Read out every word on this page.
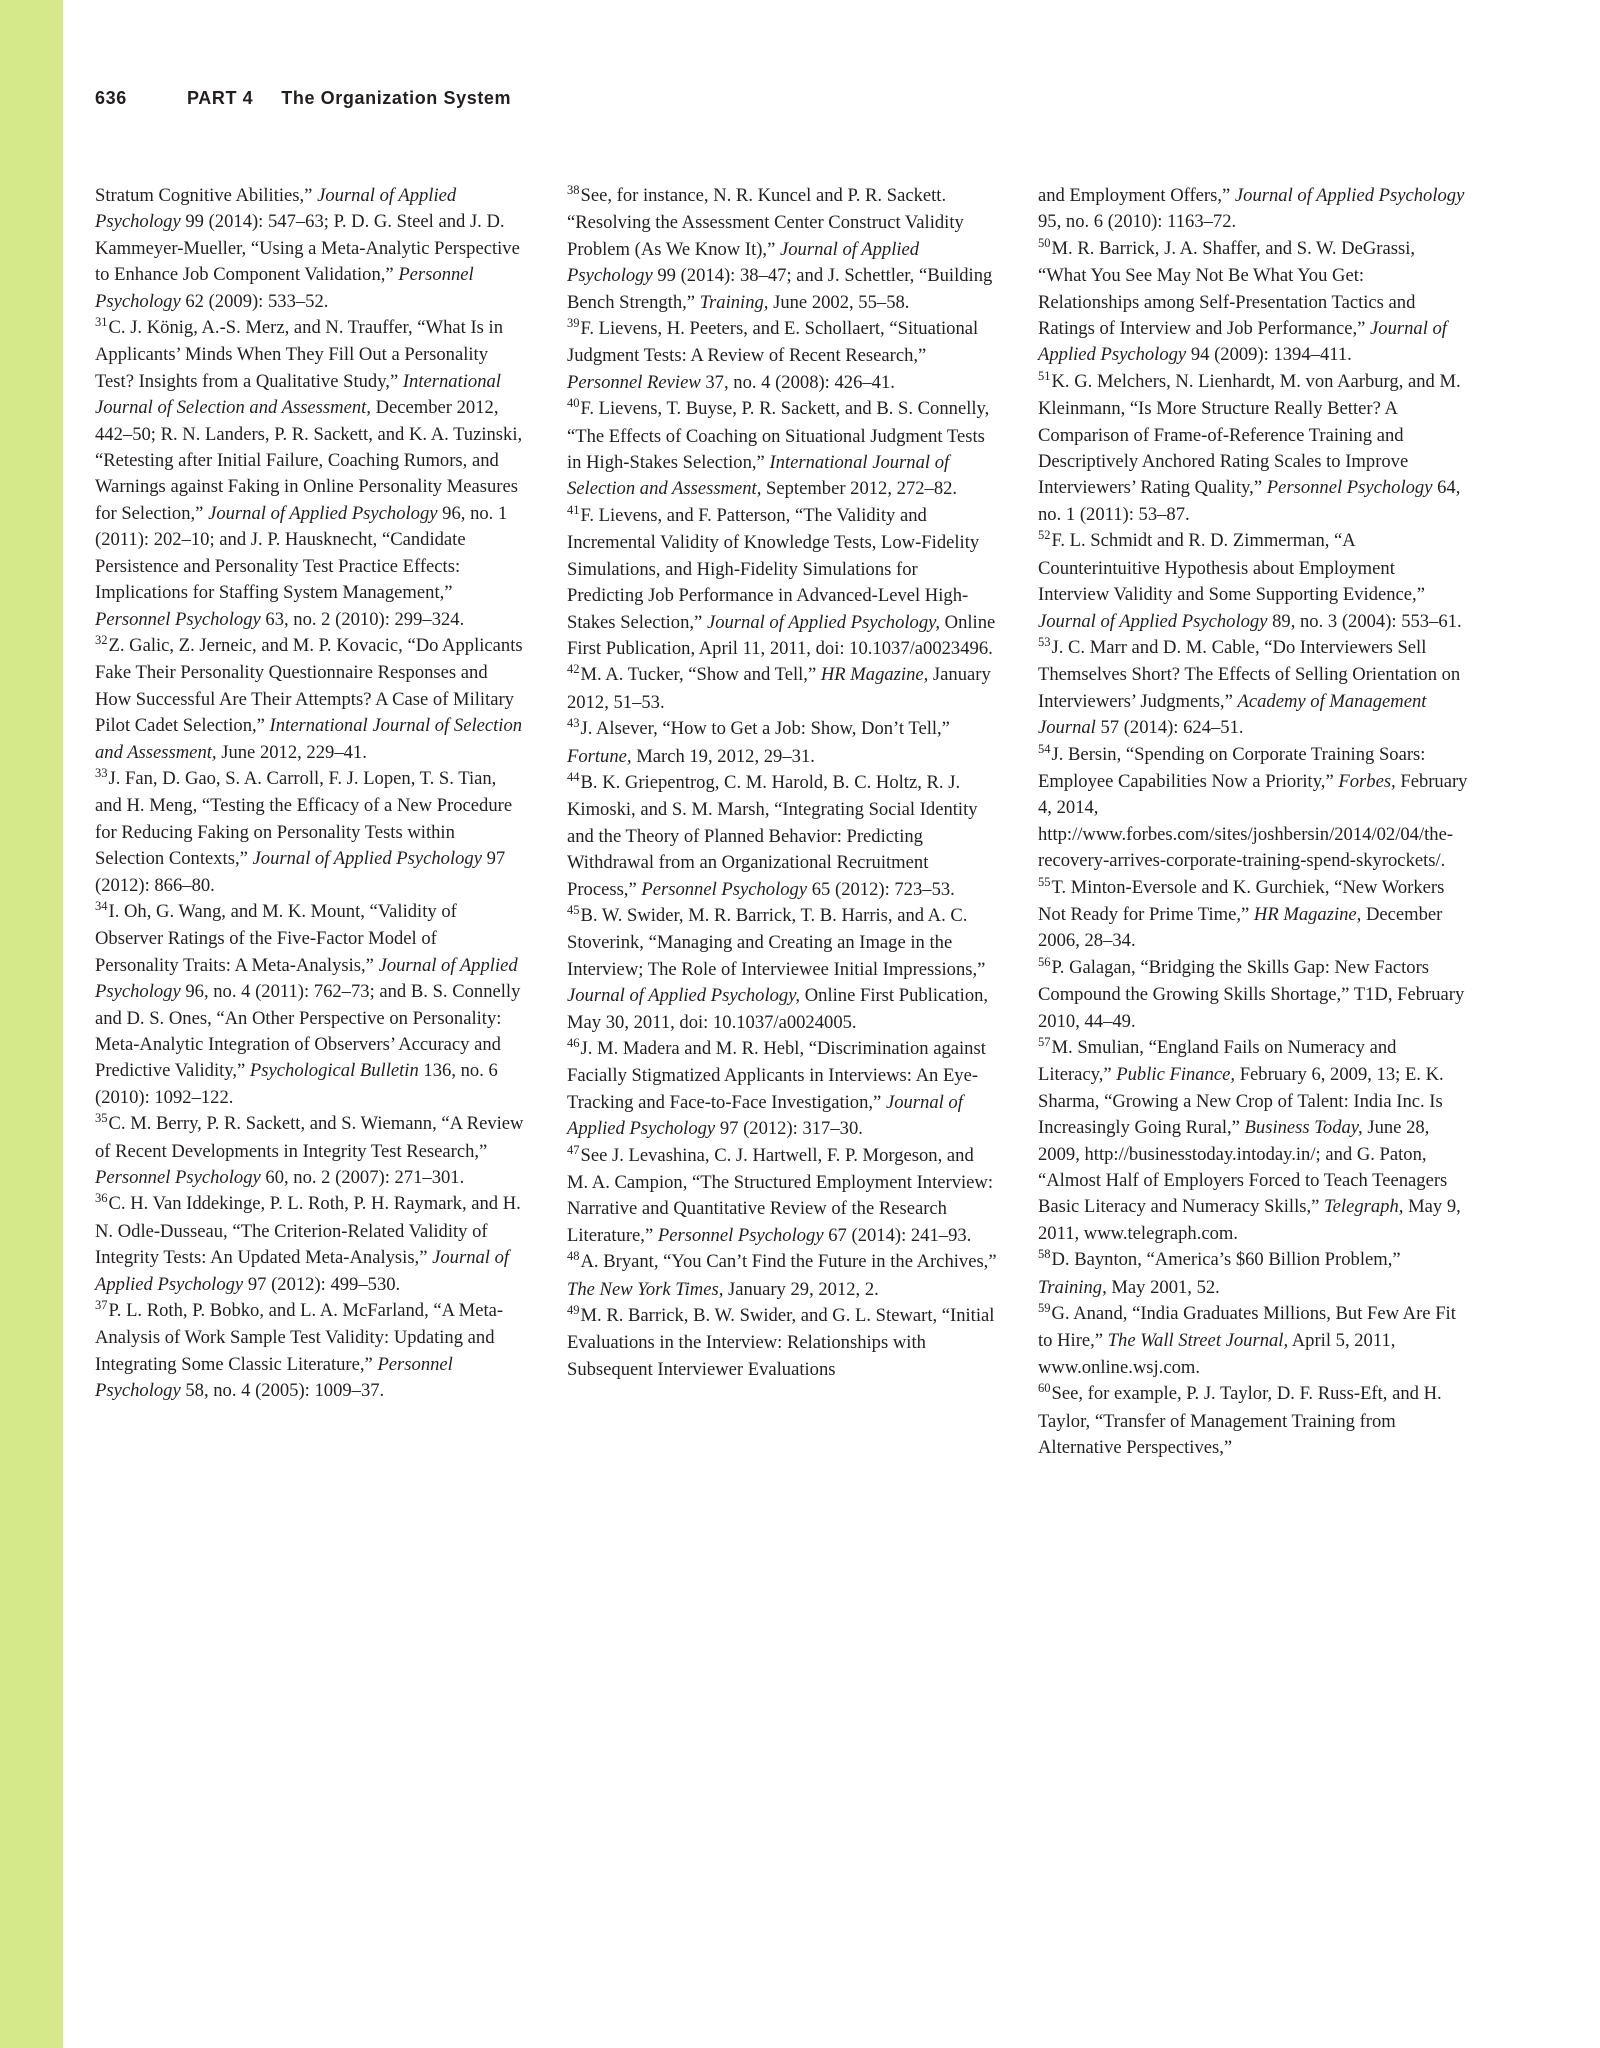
636	PART 4 The Organization System

Stratum Cognitive Abilities,” Journal of Applied Psychology 99 (2014): 547–63; P. D. G. Steel and J. D. Kammeyer-Mueller, “Using a Meta-Analytic Perspective to Enhance Job Component Validation,” Personnel Psychology 62 (2009): 533–52.

$^{31}$C. J. König, A.-S. Merz, and N. Trauffer, “What Is in Applicants’ Minds When They Fill Out a Personality Test? Insights from a Qualitative Study,” International Journal of Selection and Assessment, December 2012, 442–50; R. N. Landers, P. R. Sackett, and K. A. Tuzinski, “Retesting after Initial Failure, Coaching Rumors, and Warnings against Faking in Online Personality Measures for Selection,” Journal of Applied Psychology 96, no. 1 (2011): 202–10; and J. P. Hausknecht, “Candidate Persistence and Personality Test Practice Effects: Implications for Staffing System Management,” Personnel Psychology 63, no. 2 (2010): 299–324.

$^{32}$Z. Galic, Z. Jerneic, and M. P. Kovacic, “Do Applicants Fake Their Personality Questionnaire Responses and How Successful Are Their Attempts? A Case of Military Pilot Cadet Selection,” International Journal of Selection and Assessment, June 2012, 229–41.

$^{33}$J. Fan, D. Gao, S. A. Carroll, F. J. Lopen, T. S. Tian, and H. Meng, “Testing the Efficacy of a New Procedure for Reducing Faking on Personality Tests within Selection Contexts,” Journal of Applied Psychology 97 (2012): 866–80.

$^{34}$I. Oh, G. Wang, and M. K. Mount, “Validity of Observer Ratings of the Five-Factor Model of Personality Traits: A Meta-Analysis,” Journal of Applied Psychology 96, no. 4 (2011): 762–73; and B. S. Connelly and D. S. Ones, “An Other Perspective on Personality: Meta-Analytic Integration of Observers’ Accuracy and Predictive Validity,” Psychological Bulletin 136, no. 6 (2010): 1092–122.

$^{35}$C. M. Berry, P. R. Sackett, and S. Wiemann, “A Review of Recent Developments in Integrity Test Research,” Personnel Psychology 60, no. 2 (2007): 271–301.

$^{36}$C. H. Van Iddekinge, P. L. Roth, P. H. Raymark, and H. N. Odle-Dusseau, “The Criterion-Related Validity of Integrity Tests: An Updated Meta-Analysis,” Journal of Applied Psychology 97 (2012): 499–530.

$^{37}$P. L. Roth, P. Bobko, and L. A. McFarland, “A Meta-Analysis of Work Sample Test Validity: Updating and Integrating Some Classic Literature,” Personnel Psychology 58, no. 4 (2005): 1009–37.

$^{38}$See, for instance, N. R. Kuncel and P. R. Sackett. “Resolving the Assessment Center Construct Validity Problem (As We Know It),” Journal of Applied Psychology 99 (2014): 38–47; and J. Schettler, “Building Bench Strength,” Training, June 2002, 55–58.

$^{39}$F. Lievens, H. Peeters, and E. Schollaert, “Situational Judgment Tests: A Review of Recent Research,” Personnel Review 37, no. 4 (2008): 426–41.

$^{40}$F. Lievens, T. Buyse, P. R. Sackett, and B. S. Connelly, “The Effects of Coaching on Situational Judgment Tests in High-Stakes Selection,” International Journal of Selection and Assessment, September 2012, 272–82.

$^{41}$F. Lievens, and F. Patterson, “The Validity and Incremental Validity of Knowledge Tests, Low-Fidelity Simulations, and High-Fidelity Simulations for Predicting Job Performance in Advanced-Level High-Stakes Selection,” Journal of Applied Psychology, Online First Publication, April 11, 2011, doi: 10.1037/a0023496.

$^{42}$M. A. Tucker, “Show and Tell,” HR Magazine, January 2012, 51–53.

$^{43}$J. Alsever, “How to Get a Job: Show, Don’t Tell,” Fortune, March 19, 2012, 29–31.

$^{44}$B. K. Griepentrog, C. M. Harold, B. C. Holtz, R. J. Kimoski, and S. M. Marsh, “Integrating Social Identity and the Theory of Planned Behavior: Predicting Withdrawal from an Organizational Recruitment Process,” Personnel Psychology 65 (2012): 723–53.

$^{45}$B. W. Swider, M. R. Barrick, T. B. Harris, and A. C. Stoverink, “Managing and Creating an Image in the Interview; The Role of Interviewee Initial Impressions,” Journal of Applied Psychology, Online First Publication, May 30, 2011, doi: 10.1037/a0024005.

$^{46}$J. M. Madera and M. R. Hebl, “Discrimination against Facially Stigmatized Applicants in Interviews: An Eye-Tracking and Face-to-Face Investigation,” Journal of Applied Psychology 97 (2012): 317–30.

$^{47}$See J. Levashina, C. J. Hartwell, F. P. Morgeson, and M. A. Campion, “The Structured Employment Interview: Narrative and Quantitative Review of the Research Literature,” Personnel Psychology 67 (2014): 241–93.

$^{48}$A. Bryant, “You Can’t Find the Future in the Archives,” The New York Times, January 29, 2012, 2.

$^{49}$M. R. Barrick, B. W. Swider, and G. L. Stewart, “Initial Evaluations in the Interview: Relationships with Subsequent Interviewer Evaluations

and Employment Offers,” Journal of Applied Psychology 95, no. 6 (2010): 1163–72.

$^{50}$M. R. Barrick, J. A. Shaffer, and S. W. DeGrassi, “What You See May Not Be What You Get: Relationships among Self-Presentation Tactics and Ratings of Interview and Job Performance,” Journal of Applied Psychology 94 (2009): 1394–411.

$^{51}$K. G. Melchers, N. Lienhardt, M. von Aarburg, and M. Kleinmann, “Is More Structure Really Better? A Comparison of Frame-of-Reference Training and Descriptively Anchored Rating Scales to Improve Interviewers’ Rating Quality,” Personnel Psychology 64, no. 1 (2011): 53–87.

$^{52}$F. L. Schmidt and R. D. Zimmerman, “A Counterintuitive Hypothesis about Employment Interview Validity and Some Supporting Evidence,” Journal of Applied Psychology 89, no. 3 (2004): 553–61.

$^{53}$J. C. Marr and D. M. Cable, “Do Interviewers Sell Themselves Short? The Effects of Selling Orientation on Interviewers’ Judgments,” Academy of Management Journal 57 (2014): 624–51.

$^{54}$J. Bersin, “Spending on Corporate Training Soars: Employee Capabilities Now a Priority,” Forbes, February 4, 2014, http://www.forbes.com/sites/joshbersin/2014/02/04/the-recovery-arrives-corporate-training-spend-skyrockets/.

$^{55}$T. Minton-Eversole and K. Gurchiek, “New Workers Not Ready for Prime Time,” HR Magazine, December 2006, 28–34.

$^{56}$P. Galagan, “Bridging the Skills Gap: New Factors Compound the Growing Skills Shortage,” T1D, February 2010, 44–49.

$^{57}$M. Smulian, “England Fails on Numeracy and Literacy,” Public Finance, February 6, 2009, 13; E. K. Sharma, “Growing a New Crop of Talent: India Inc. Is Increasingly Going Rural,” Business Today, June 28, 2009, http://businesstoday.intoday.in/; and G. Paton, “Almost Half of Employers Forced to Teach Teenagers Basic Literacy and Numeracy Skills,” Telegraph, May 9, 2011, www.telegraph.com.

$^{58}$D. Baynton, “America’s $60 Billion Problem,” Training, May 2001, 52.

$^{59}$G. Anand, “India Graduates Millions, But Few Are Fit to Hire,” The Wall Street Journal, April 5, 2011, www.online.wsj.com.

$^{60}$See, for example, P. J. Taylor, D. F. Russ-Eft, and H. Taylor, “Transfer of Management Training from Alternative Perspectives,”
